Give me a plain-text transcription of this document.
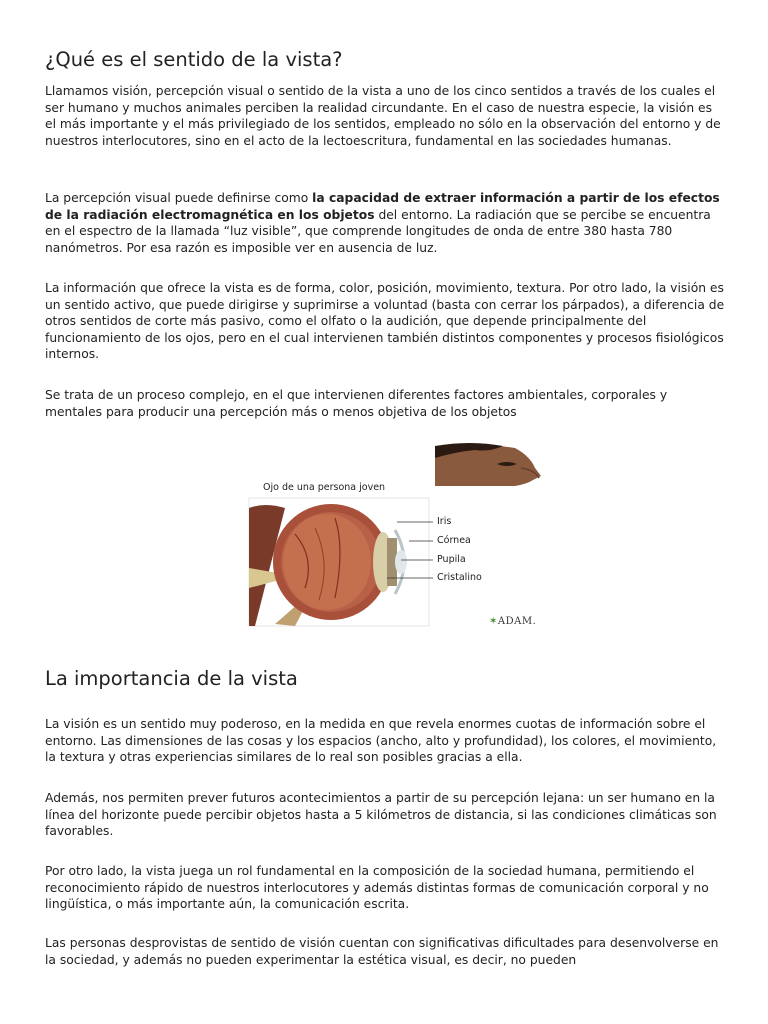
¿Qué es el sentido de la vista?

Llamamos visión, percepción visual o sentido de la vista a uno de los cinco sentidos a través de los cuales el ser humano y muchos animales perciben la realidad circundante. En el caso de nuestra especie, la visión es el más importante y el más privilegiado de los sentidos, empleado no sólo en la observación del entorno y de nuestros interlocutores, sino en el acto de la lectoescritura, fundamental en las sociedades humanas.

La percepción visual puede definirse como la capacidad de extraer información a partir de los efectos de la radiación electromagnética en los objetos del entorno. La radiación que se percibe se encuentra en el espectro de la llamada “luz visible”, que comprende longitudes de onda de entre 380 hasta 780 nanómetros. Por esa razón es imposible ver en ausencia de luz.

La información que ofrece la vista es de forma, color, posición, movimiento, textura. Por otro lado, la visión es un sentido activo, que puede dirigirse y suprimirse a voluntad (basta con cerrar los párpados), a diferencia de otros sentidos de corte más pasivo, como el olfato o la audición, que depende principalmente del funcionamiento de los ojos, pero en el cual intervienen también distintos componentes y procesos fisiológicos internos.

Se trata de un proceso complejo, en el que intervienen diferentes factores ambientales, corporales y mentales para producir una percepción más o menos objetiva de los objetos

Ojo de una persona joven
Iris
Córnea
Pupila
Cristalino
✶ADAM.
La importancia de la vista

La visión es un sentido muy poderoso, en la medida en que revela enormes cuotas de información sobre el entorno. Las dimensiones de las cosas y los espacios (ancho, alto y profundidad), los colores, el movimiento, la textura y otras experiencias similares de lo real son posibles gracias a ella.

Además, nos permiten prever futuros acontecimientos a partir de su percepción lejana: un ser humano en la línea del horizonte puede percibir objetos hasta a 5 kilómetros de distancia, si las condiciones climáticas son favorables.

Por otro lado, la vista juega un rol fundamental en la composición de la sociedad humana, permitiendo el reconocimiento rápido de nuestros interlocutores y además distintas formas de comunicación corporal y no lingüística, o más importante aún, la comunicación escrita.

Las personas desprovistas de sentido de visión cuentan con significativas dificultades para desenvolverse en la sociedad, y además no pueden experimentar la estética visual, es decir, no pueden
